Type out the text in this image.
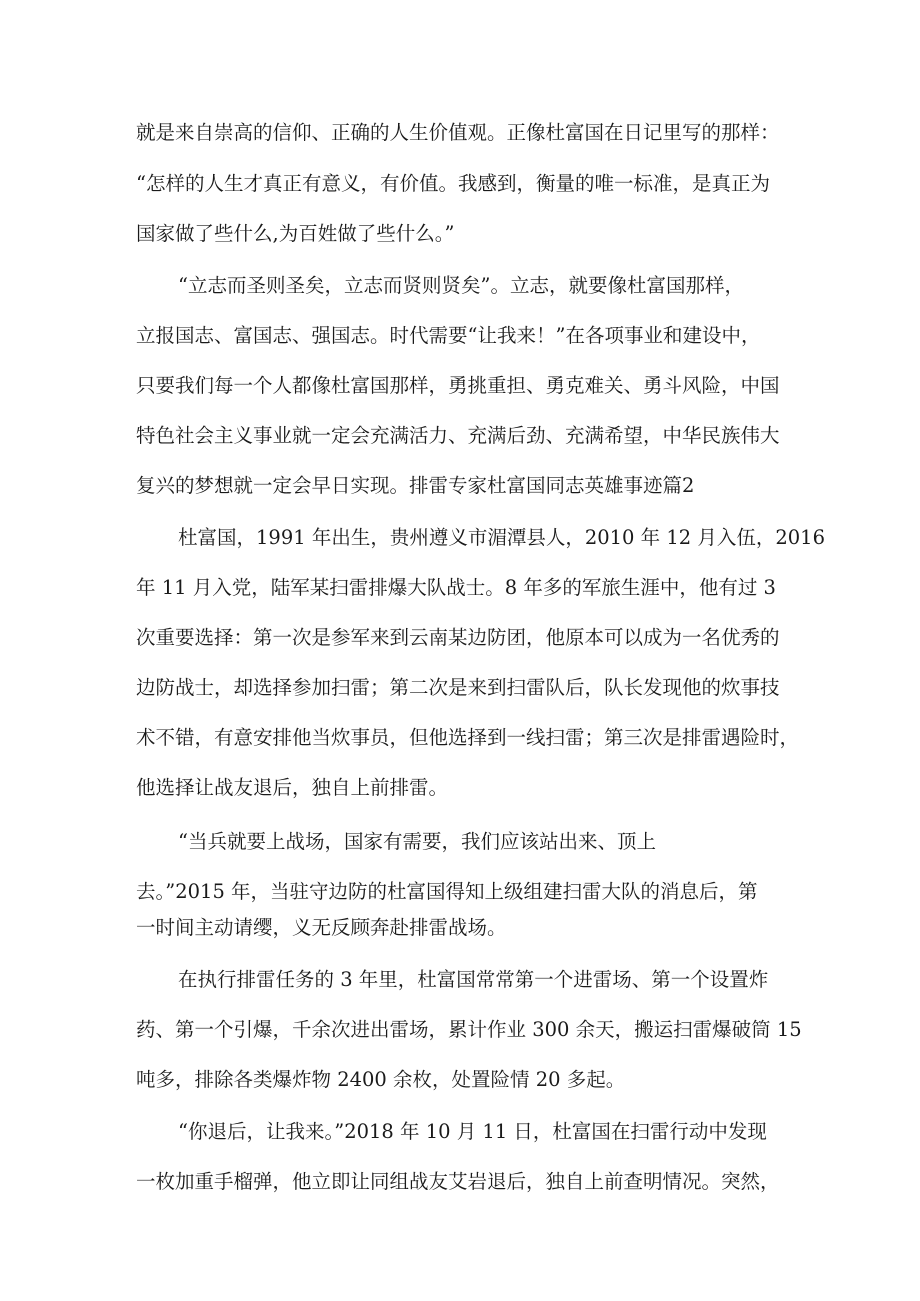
就是来自崇高的信仰、正确的人生价值观。正像杜富国在日记里写的那样：
“怎样的人生才真正有意义，有价值。我感到，衡量的唯一标准，是真正为
国家做了些什么,为百姓做了些什么。”
“立志而圣则圣矣，立志而贤则贤矣”。立志，就要像杜富国那样，
立报国志、富国志、强国志。时代需要“让我来！”在各项事业和建设中，
只要我们每一个人都像杜富国那样，勇挑重担、勇克难关、勇斗风险，中国
特色社会主义事业就一定会充满活力、充满后劲、充满希望，中华民族伟大
复兴的梦想就一定会早日实现。排雷专家杜富国同志英雄事迹篇2
杜富国，1991 年出生，贵州遵义市湄潭县人，2010 年 12 月入伍，2016
年 11 月入党，陆军某扫雷排爆大队战士。8 年多的军旅生涯中，他有过 3
次重要选择：第一次是参军来到云南某边防团，他原本可以成为一名优秀的
边防战士，却选择参加扫雷；第二次是来到扫雷队后，队长发现他的炊事技
术不错，有意安排他当炊事员，但他选择到一线扫雷；第三次是排雷遇险时，
他选择让战友退后，独自上前排雷。
“当兵就要上战场，国家有需要，我们应该站出来、顶上
去。”2015 年，当驻守边防的杜富国得知上级组建扫雷大队的消息后，第
一时间主动请缨，义无反顾奔赴排雷战场。
在执行排雷任务的 3 年里，杜富国常常第一个进雷场、第一个设置炸
药、第一个引爆，千余次进出雷场，累计作业 300 余天，搬运扫雷爆破筒 15
吨多，排除各类爆炸物 2400 余枚，处置险情 20 多起。
“你退后，让我来。”2018 年 10 月 11 日，杜富国在扫雷行动中发现
一枚加重手榴弹，他立即让同组战友艾岩退后，独自上前查明情况。突然，
